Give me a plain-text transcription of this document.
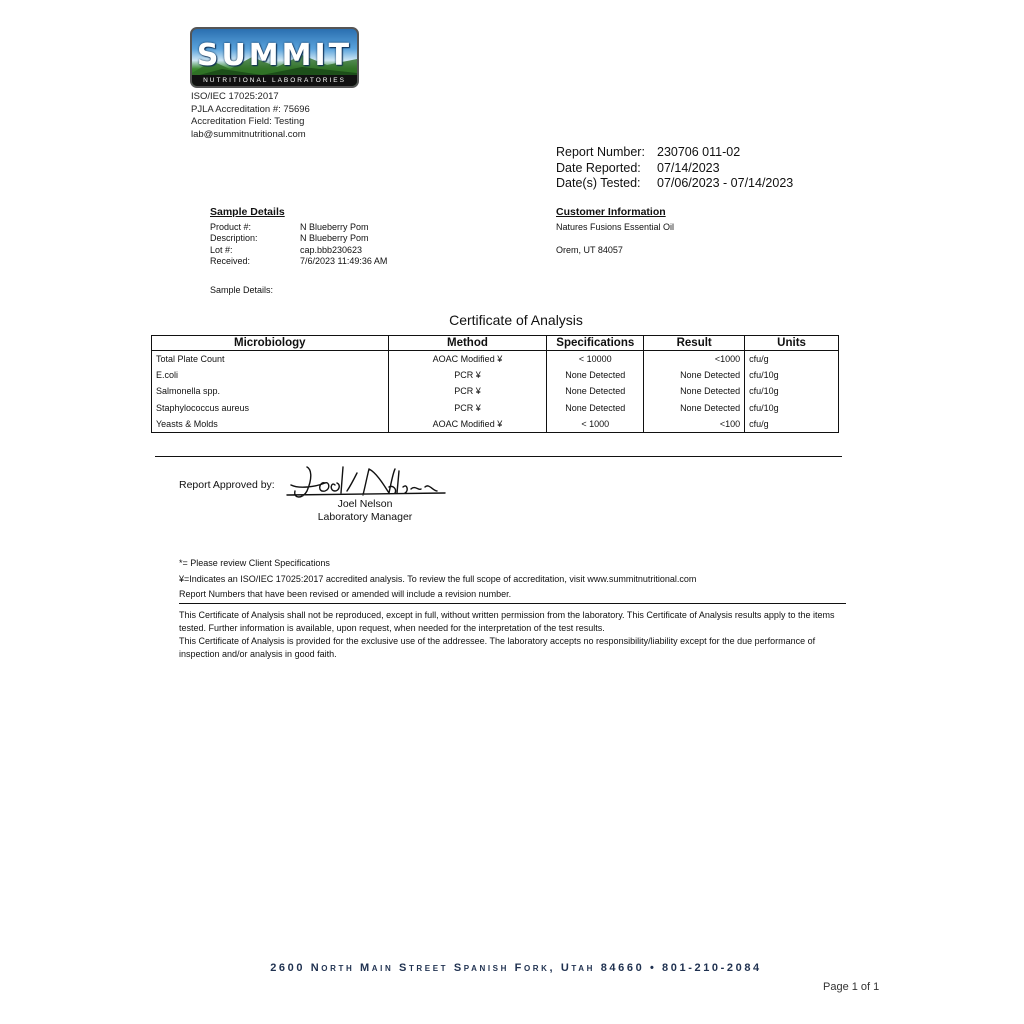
SUMMIT
NUTRITIONAL LABORATORIES
ISO/IEC 17025:2017
PJLA Accreditation #: 75696
Accreditation Field: Testing
lab@summitnutritional.com
Report Number: 230706 011-02
Date Reported: 07/14/2023
Date(s) Tested: 07/06/2023 - 07/14/2023
Sample Details
Product #:	N Blueberry Pom
Description:	N Blueberry Pom
Lot #:	cap.bbb230623
Received:	7/6/2023 11:49:36 AM
Customer Information
Natures Fusions Essential Oil
Orem, UT 84057
Sample Details:
Certificate of Analysis
Microbiology	Method	Specifications	Result	Units
Total Plate Count	AOAC Modified ¥	< 10000	<1000	cfu/g
E.coli	PCR ¥	None Detected	None Detected	cfu/10g
Salmonella spp.	PCR ¥	None Detected	None Detected	cfu/10g
Staphylococcus aureus	PCR ¥	None Detected	None Detected	cfu/10g
Yeasts & Molds	AOAC Modified ¥	< 1000	<100	cfu/g
Report Approved by:
Joel Nelson
Laboratory Manager
*= Please review Client Specifications
¥=Indicates an ISO/IEC 17025:2017 accredited analysis. To review the full scope of accreditation, visit www.summitnutritional.com
Report Numbers that have been revised or amended will include a revision number.
This Certificate of Analysis shall not be reproduced, except in full, without written permission from the laboratory. This Certificate of Analysis results apply to the items tested. Further information is available, upon request, when needed for the interpretation of the test results.
This Certificate of Analysis is provided for the exclusive use of the addressee. The laboratory accepts no responsibility/liability except for the due performance of inspection and/or analysis in good faith.
2600 North Main Street Spanish Fork, Utah 84660 • 801-210-2084
Page 1 of 1
